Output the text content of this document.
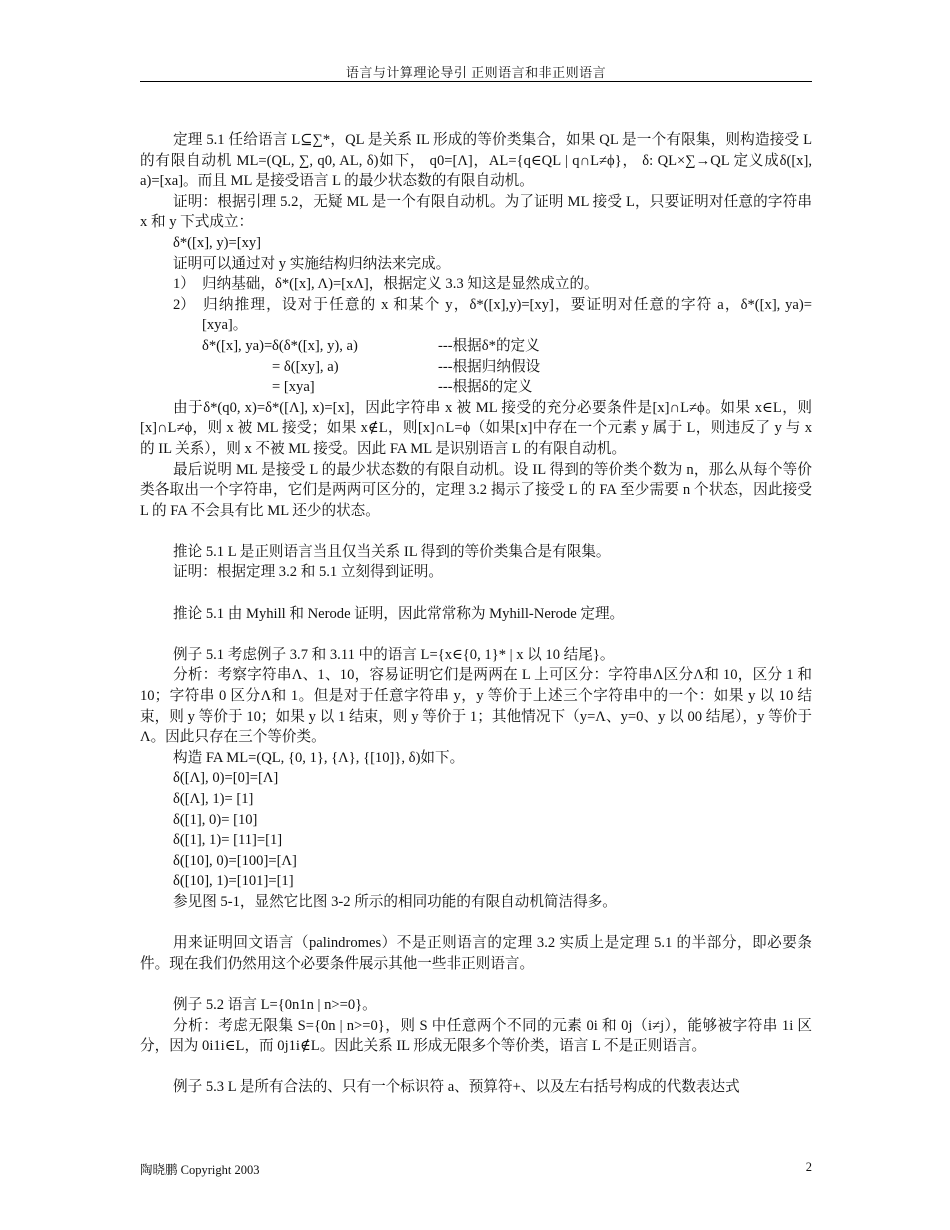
语言与计算理论导引 正则语言和非正则语言

定理 5.1 任给语言 L⊆∑*，QL 是关系 IL 形成的等价类集合，如果 QL 是一个有限集，则构造接受 L 的有限自动机 ML=(QL, ∑, q0, AL, δ)如下， q0=[Λ]，AL={q∈QL | q∩L≠ϕ}， δ: QL×∑→QL 定义成δ([x], a)=[xa]。而且 ML 是接受语言 L 的最少状态数的有限自动机。

证明：根据引理 5.2，无疑 ML 是一个有限自动机。为了证明 ML 接受 L，只要证明对任意的字符串 x 和 y 下式成立：

δ*([x], y)=[xy]

证明可以通过对 y 实施结构归纳法来完成。

1） 归纳基础，δ*([x], Λ)=[xΛ]，根据定义 3.3 知这是显然成立的。

2） 归纳推理，设对于任意的 x 和某个 y，δ*([x],y)=[xy]，要证明对任意的字符 a，δ*([x], ya)=[xya]。

δ*([x], ya)= δ(δ*([x], y), a)	---根据δ*的定义
= δ([xy], a)	---根据归纳假设
= [xya]	---根据δ的定义

由于δ*(q0, x)=δ*([Λ], x)=[x]，因此字符串 x 被 ML 接受的充分必要条件是[x]∩L≠ϕ。如果 x∈L，则[x]∩L≠ϕ，则 x 被 ML 接受；如果 x∉L，则[x]∩L=ϕ（如果[x]中存在一个元素 y 属于 L，则违反了 y 与 x 的 IL 关系），则 x 不被 ML 接受。因此 FA ML 是识别语言 L 的有限自动机。

最后说明 ML 是接受 L 的最少状态数的有限自动机。设 IL 得到的等价类个数为 n，那么从每个等价类各取出一个字符串，它们是两两可区分的，定理 3.2 揭示了接受 L 的 FA 至少需要 n 个状态，因此接受 L 的 FA 不会具有比 ML 还少的状态。

推论 5.1 L 是正则语言当且仅当关系 IL 得到的等价类集合是有限集。

证明：根据定理 3.2 和 5.1 立刻得到证明。

推论 5.1 由 Myhill 和 Nerode 证明，因此常常称为 Myhill-Nerode 定理。

例子 5.1 考虑例子 3.7 和 3.11 中的语言 L={x∈{0, 1}* | x 以 10 结尾}。

分析：考察字符串Λ、1、10，容易证明它们是两两在 L 上可区分：字符串Λ区分Λ和 10，区分 1 和 10；字符串 0 区分Λ和 1。但是对于任意字符串 y，y 等价于上述三个字符串中的一个：如果 y 以 10 结束，则 y 等价于 10；如果 y 以 1 结束，则 y 等价于 1；其他情况下（y=Λ、y=0、y 以 00 结尾），y 等价于Λ。因此只存在三个等价类。

构造 FA ML=(QL, {0, 1}, {Λ}, {[10]}, δ)如下。

δ([Λ], 0)=[0]=[Λ]

δ([Λ], 1)= [1]

δ([1], 0)= [10]

δ([1], 1)= [11]=[1]

δ([10], 0)=[100]=[Λ]

δ([10], 1)=[101]=[1]

参见图 5-1，显然它比图 3-2 所示的相同功能的有限自动机简洁得多。

用来证明回文语言（palindromes）不是正则语言的定理 3.2 实质上是定理 5.1 的半部分，即必要条件。现在我们仍然用这个必要条件展示其他一些非正则语言。

例子 5.2 语言 L={0n1n | n>=0}。

分析：考虑无限集 S={0n | n>=0}，则 S 中任意两个不同的元素 0i 和 0j（i≠j），能够被字符串 1i 区分，因为 0i1i∈L，而 0j1i∉L。因此关系 IL 形成无限多个等价类，语言 L 不是正则语言。

例子 5.3 L 是所有合法的、只有一个标识符 a、预算符+、以及左右括号构成的代数表达式

陶晓鹏 Copyright 2003	2
